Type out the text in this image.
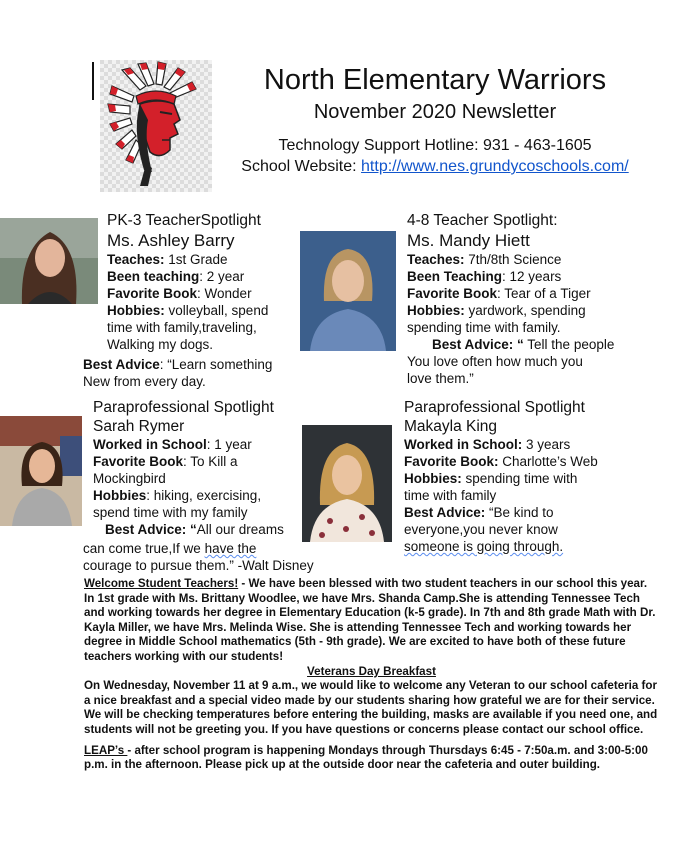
North Elementary Warriors
November 2020 Newsletter
Technology Support Hotline: 931 - 463-1605
School Website: http://www.nes.grundycoschools.com/
PK-3 TeacherSpotlight
Ms. Ashley Barry
Teaches: 1st Grade
Been teaching: 2 year
Favorite Book: Wonder
Hobbies: volleyball, spend
time with family,traveling,
Walking my dogs.
Best Advice: “Learn something
New from every day.
4-8 Teacher Spotlight:
Ms. Mandy Hiett
Teaches: 7th/8th Science
Been Teaching: 12 years
Favorite Book: Tear of a Tiger
Hobbies: yardwork, spending
spending time with family.
Best Advice: “ Tell the people
You love often how much you
love them.”
Paraprofessional Spotlight
Sarah Rymer
Worked in School: 1 year
Favorite Book: To Kill a
Mockingbird
Hobbies: hiking, exercising,
spend time with my family
Best Advice: “All our dreams
can come true,If we have the
courage to pursue them.” -Walt Disney
Paraprofessional Spotlight
Makayla King
Worked in School: 3 years
Favorite Book: Charlotte’s Web
Hobbies: spending time with
time with family
Best Advice: “Be kind to
everyone,you never know
someone is going through.

Welcome Student Teachers! - We have been blessed with two student teachers in our school this year. In 1st grade with Ms. Brittany Woodlee, we have Mrs. Shanda Camp.She is attending Tennessee Tech and working towards her degree in Elementary Education (k-5 grade). In 7th and 8th grade Math with Dr. Kayla Miller, we have Mrs. Melinda Wise. She is attending Tennessee Tech and working towards her degree in Middle School mathematics (5th - 9th grade). We are excited to have both of these future teachers working with our students!

Veterans Day Breakfast

On Wednesday, November 11 at 9 a.m., we would like to welcome any Veteran to our school cafeteria for a nice breakfast and a special video made by our students sharing how grateful we are for their service. We will be checking temperatures before entering the building, masks are available if you need one, and students will not be greeting you. If you have questions or concerns please contact our school office.

LEAP’s - after school program is happening Mondays through Thursdays 6:45 - 7:50a.m. and 3:00-5:00 p.m. in the afternoon. Please pick up at the outside door near the cafeteria and outer building.
